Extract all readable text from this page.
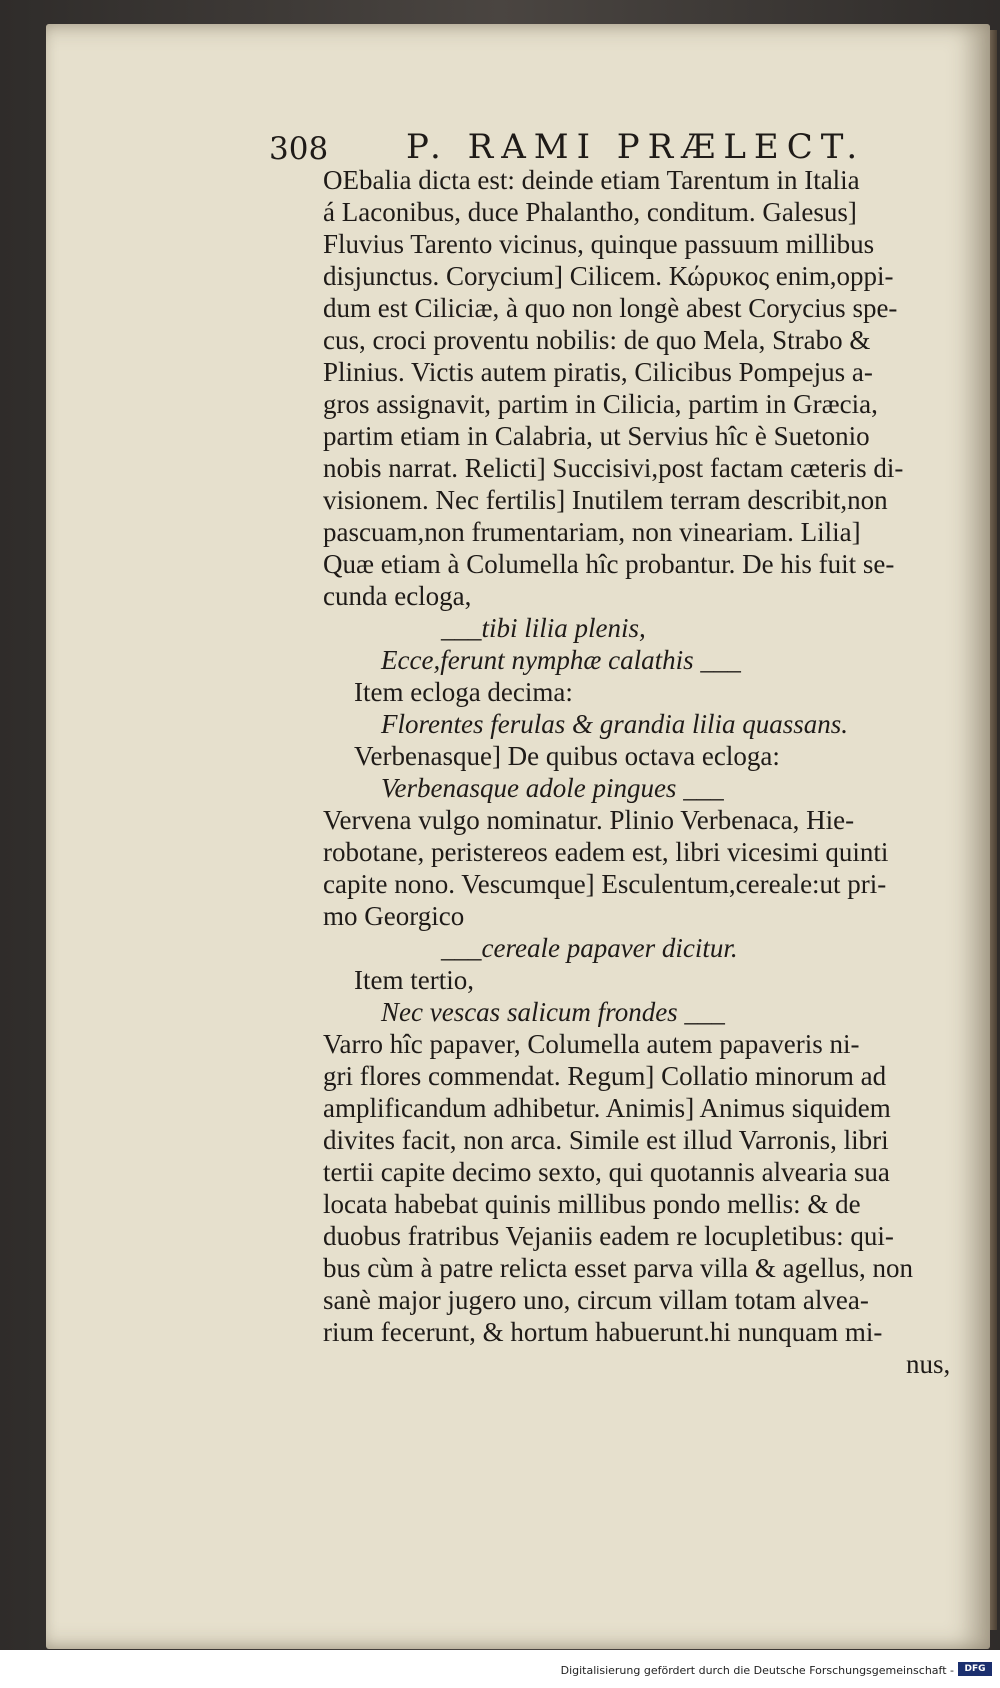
308 P. RAMI PRÆLECT.
OEbalia dicta est: deinde etiam Tarentum in Italia
á Laconibus, duce Phalantho, conditum. Galesus]
Fluvius Tarento vicinus, quinque passuum millibus
disjunctus. Corycium] Cilicem. Κώρυκος enim,oppi-
dum est Ciliciæ, à quo non longè abest Corycius spe-
cus, croci proventu nobilis: de quo Mela, Strabo &
Plinius. Victis autem piratis, Cilicibus Pompejus a-
gros assignavit, partim in Cilicia, partim in Græcia,
partim etiam in Calabria, ut Servius hîc è Suetonio
nobis narrat. Relicti] Succisivi,post factam cæteris di-
visionem. Nec fertilis] Inutilem terram describit,non
pascuam,non frumentariam, non vineariam. Lilia]
Quæ etiam à Columella hîc probantur. De his fuit se-
cunda ecloga,
___tibi lilia plenis,
Ecce,ferunt nymphæ calathis ___
Item ecloga decima:
Florentes ferulas & grandia lilia quassans.
Verbenasque] De quibus octava ecloga:
Verbenasque adole pingues ___
Vervena vulgo nominatur. Plinio Verbenaca, Hie-
robotane, peristereos eadem est, libri vicesimi quinti
capite nono. Vescumque] Esculentum,cereale:ut pri-
mo Georgico
___cereale papaver dicitur.
Item tertio,
Nec vescas salicum frondes ___
Varro hîc papaver, Columella autem papaveris ni-
gri flores commendat. Regum] Collatio minorum ad
amplificandum adhibetur. Animis] Animus siquidem
divites facit, non arca. Simile est illud Varronis, libri
tertii capite decimo sexto, qui quotannis alvearia sua
locata habebat quinis millibus pondo mellis: & de
duobus fratribus Vejaniis eadem re locupletibus: qui-
bus cùm à patre relicta esset parva villa & agellus, non
sanè major jugero uno, circum villam totam alvea-
rium fecerunt, & hortum habuerunt.hi nunquam mi-
nus,
Digitalisierung gefördert durch die Deutsche Forschungsgemeinschaft -	DFG
